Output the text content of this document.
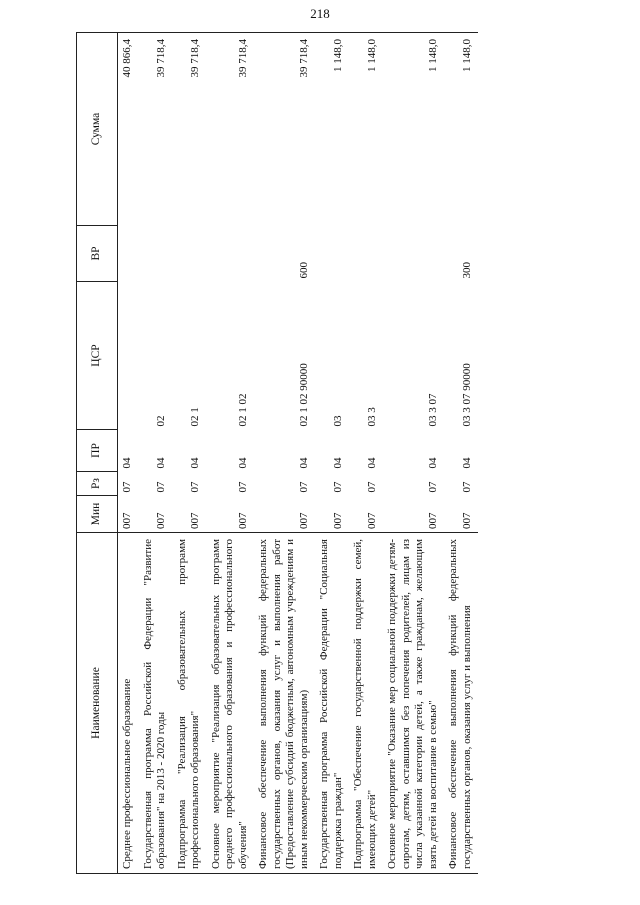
218
Наименование	Мин	Рз	ПР	ЦСР	ВР	Сумма
Среднее профессиональное образование	007	07	04			40 866,4
Государственная программа Российской Федерации "Развитие образования" на 2013 - 2020 годы	007	07	04	02		39 718,4
Подпрограмма "Реализация образовательных программ профессионального образования"	007	07	04	02 1		39 718,4
Основное мероприятие "Реализация образовательных программ среднего профессионального образования и профессионального обучения"	007	07	04	02 1 02		39 718,4
Финансовое обеспечение выполнения функций федеральных государственных органов, оказания услуг и выполнения работ (Предоставление субсидий бюджетным, автономным учреждениям и иным некоммерческим организациям)	007	07	04	02 1 02 90000	600	39 718,4
Государственная программа Российской Федерации "Социальная поддержка граждан"	007	07	04	03		1 148,0
Подпрограмма "Обеспечение государственной поддержки семей, имеющих детей"	007	07	04	03 3		1 148,0
Основное мероприятие "Оказание мер социальной поддержки детям-сиротам, детям, оставшимся без попечения родителей, лицам из числа указанной категории детей, а также гражданам, желающим взять детей на воспитание в семью"	007	07	04	03 3 07		1 148,0
Финансовое обеспечение выполнения функций федеральных государственных органов, оказания услуг и выполнения	007	07	04	03 3 07 90000	300	1 148,0
